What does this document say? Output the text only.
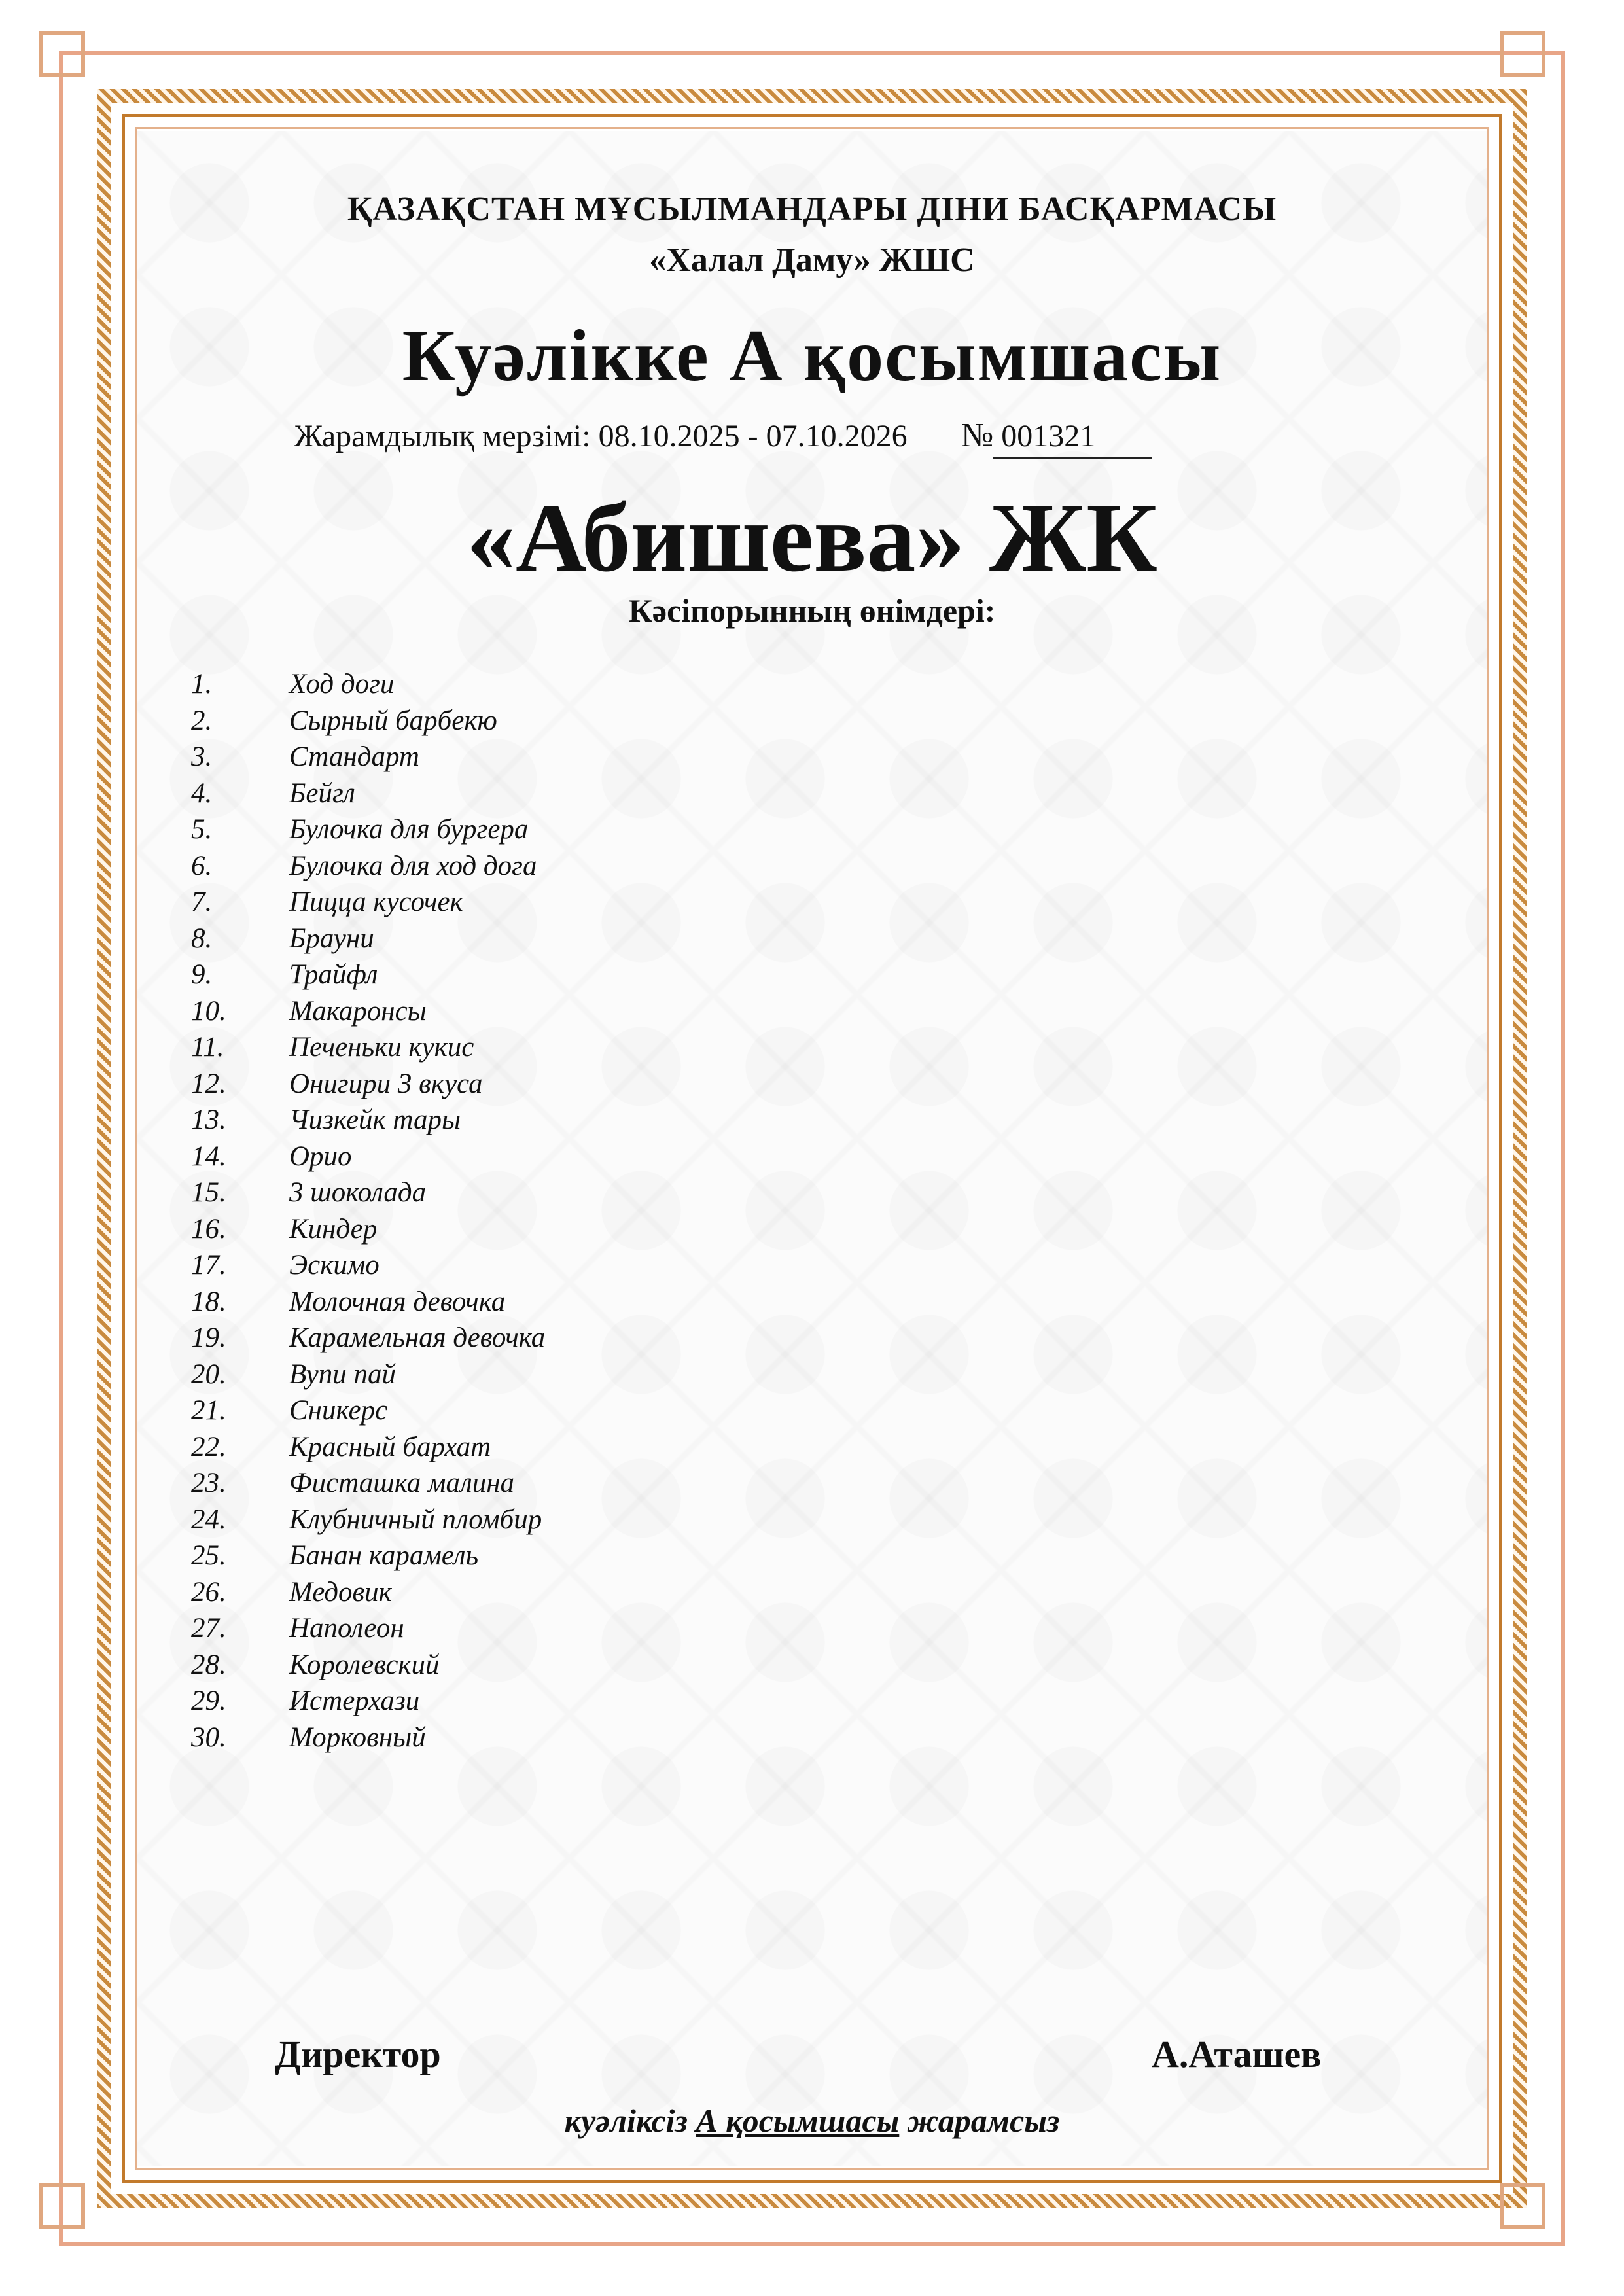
ҚАЗАҚСТАН МҰСЫЛМАНДАРЫ ДІНИ БАСҚАРМАСЫ
«Халал Даму» ЖШС
Куәлікке А қосымшасы
Жарамдылық мерзімі: 08.10.2025 - 07.10.2026 № 001321
«Абишева» ЖК
Кәсіпорынның өнімдері:
1.	Ход доги
2.	Сырный барбекю
3.	Стандарт
4.	Бейгл
5.	Булочка для бургера
6.	Булочка для ход дога
7.	Пицца кусочек
8.	Брауни
9.	Трайфл
10.	Макаронсы
11.	Печеньки кукис
12.	Онигири 3 вкуса
13.	Чизкейк тары
14.	Орио
15.	3 шоколада
16.	Киндер
17.	Эскимо
18.	Молочная девочка
19.	Карамельная девочка
20.	Вупи пай
21.	Сникерс
22.	Красный бархат
23.	Фисташка малина
24.	Клубничный пломбир
25.	Банан карамель
26.	Медовик
27.	Наполеон
28.	Королевский
29.	Истерхази
30.	Морковный
Директор	А.Аташев
куәліксіз А қосымшасы жарамсыз
